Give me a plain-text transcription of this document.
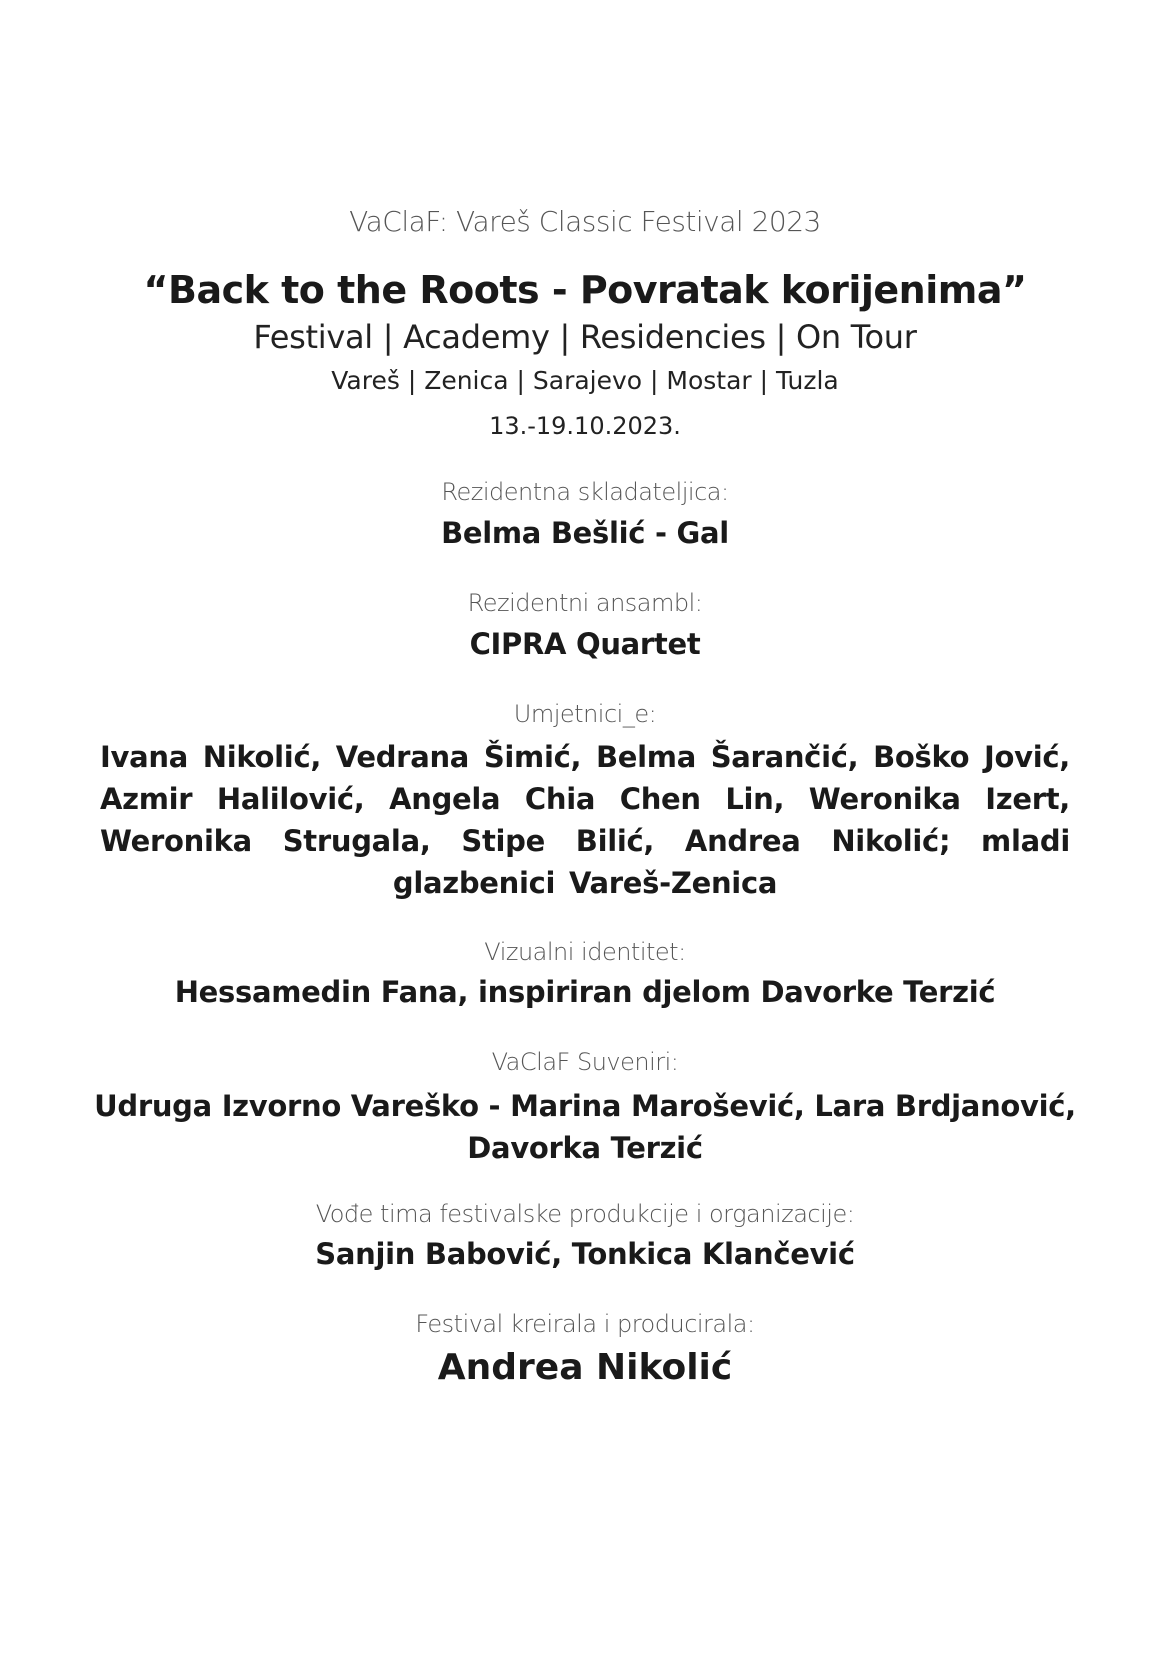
VaClaF: Vareš Classic Festival 2023

“Back to the Roots - Povratak korijenima”

Festival | Academy | Residencies | On Tour

Vareš | Zenica | Sarajevo | Mostar | Tuzla

13.-19.10.2023.

Rezidentna skladateljica:

Belma Bešlić - Gal

Rezidentni ansambl:

CIPRA Quartet

Umjetnici_e:

Ivana Nikolić, Vedrana Šimić, Belma Šarančić, Boško Jović, Azmir Halilović, Angela Chia Chen Lin, Weronika Izert, Weronika Strugala, Stipe Bilić, Andrea Nikolić; mladi glazbenici Vareš-Zenica

Vizualni identitet:

Hessamedin Fana, inspiriran djelom Davorke Terzić

VaClaF Suveniri:

Udruga Izvorno Vareško - Marina Marošević, Lara Brdjanović, Davorka Terzić

Vođe tima festivalske produkcije i organizacije:

Sanjin Babović, Tonkica Klančević

Festival kreirala i producirala:

Andrea Nikolić
